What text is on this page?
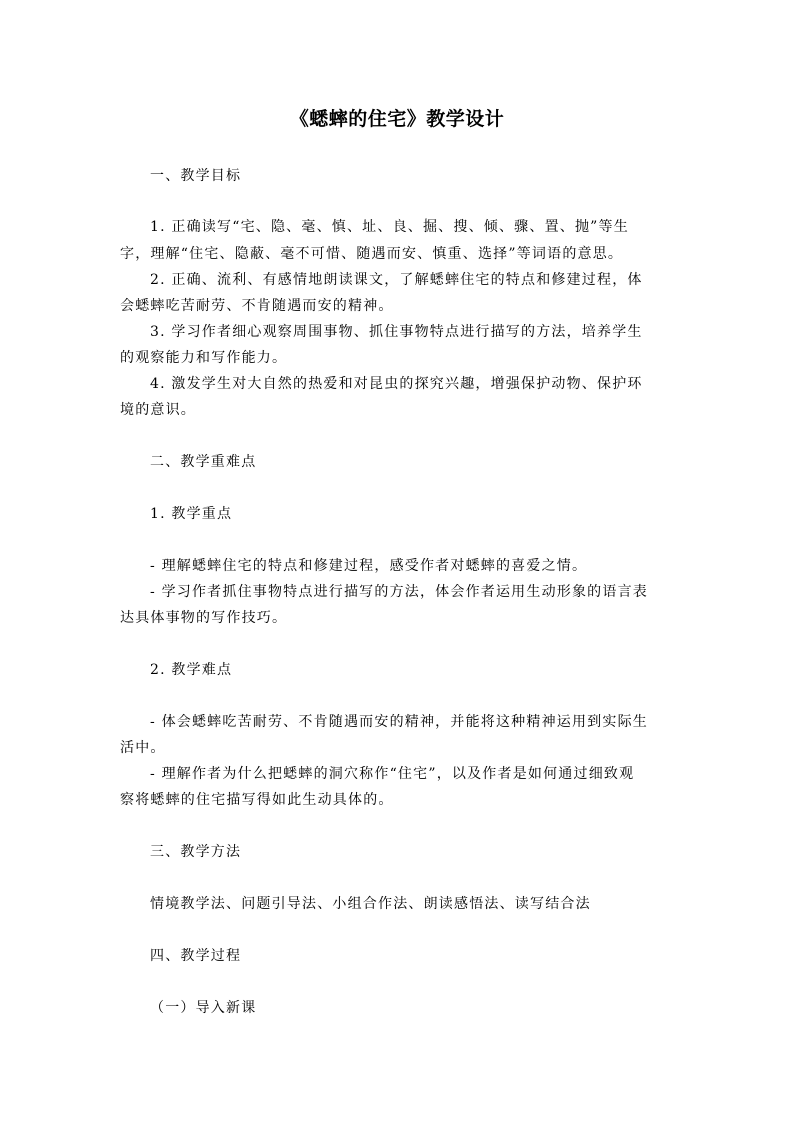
《蟋蟀的住宅》教学设计
一、教学目标
1. 正确读写“宅、隐、毫、慎、址、良、掘、搜、倾、骤、置、抛”等生
字，理解“住宅、隐蔽、毫不可惜、随遇而安、慎重、选择”等词语的意思。
2. 正确、流利、有感情地朗读课文，了解蟋蟀住宅的特点和修建过程，体
会蟋蟀吃苦耐劳、不肯随遇而安的精神。
3. 学习作者细心观察周围事物、抓住事物特点进行描写的方法，培养学生
的观察能力和写作能力。
4. 激发学生对大自然的热爱和对昆虫的探究兴趣，增强保护动物、保护环
境的意识。
二、教学重难点
1. 教学重点
- 理解蟋蟀住宅的特点和修建过程，感受作者对蟋蟀的喜爱之情。
- 学习作者抓住事物特点进行描写的方法，体会作者运用生动形象的语言表
达具体事物的写作技巧。
2. 教学难点
- 体会蟋蟀吃苦耐劳、不肯随遇而安的精神，并能将这种精神运用到实际生
活中。
- 理解作者为什么把蟋蟀的洞穴称作“住宅”，以及作者是如何通过细致观
察将蟋蟀的住宅描写得如此生动具体的。
三、教学方法
情境教学法、问题引导法、小组合作法、朗读感悟法、读写结合法
四、教学过程
（一）导入新课
